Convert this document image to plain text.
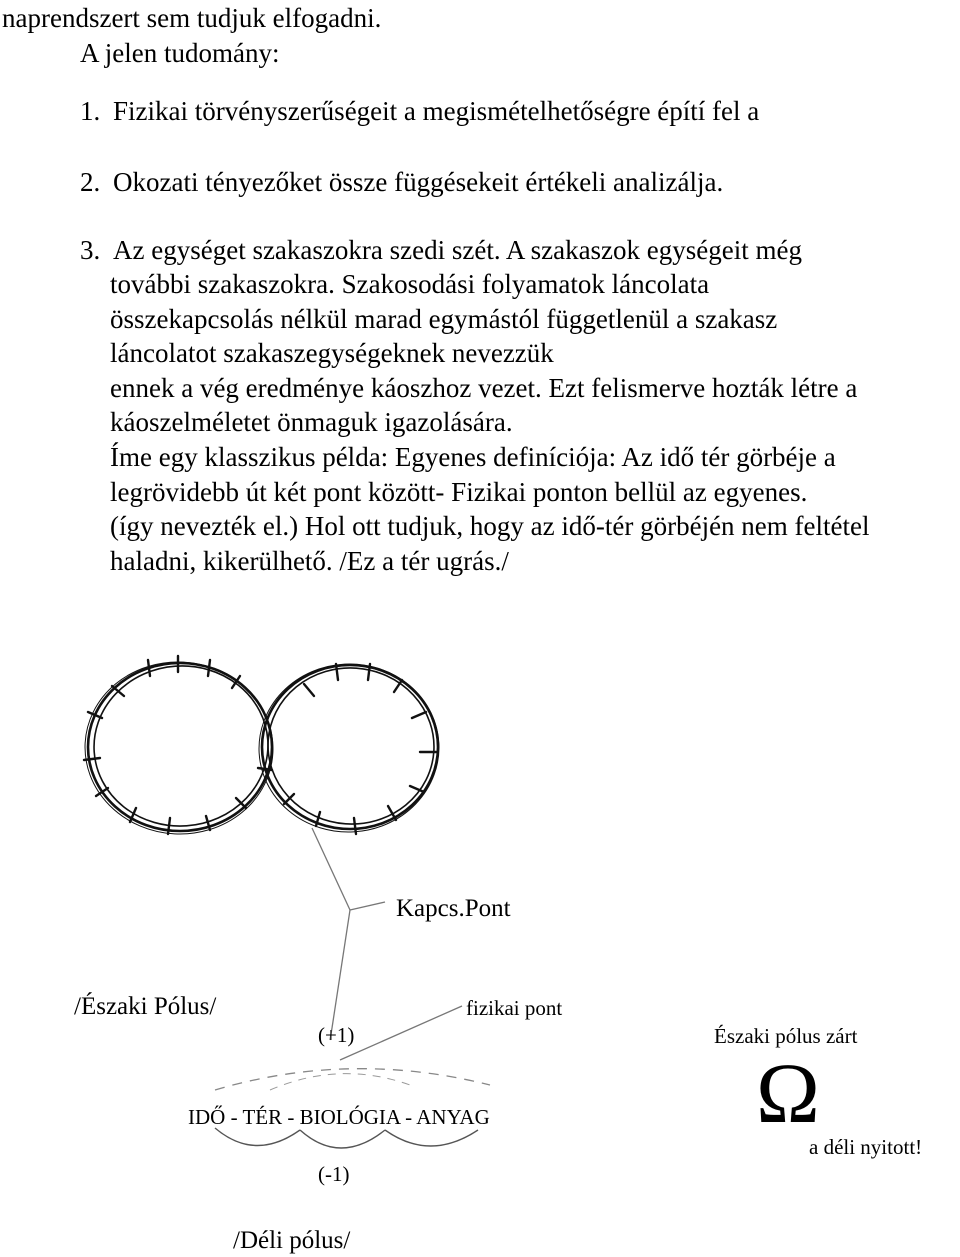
naprendszert sem tudjuk elfogadni.
A jelen tudomány:
1. Fizikai törvényszerűségeit a megismételhetőségre építí fel a
2. Okozati tényezőket össze függésekeit értékeli analizálja.
3. Az egységet szakaszokra szedi szét. A szakaszok egységeit még
további szakaszokra. Szakosodási folyamatok láncolata
összekapcsolás nélkül marad egymástól függetlenül a szakasz
láncolatot szakaszegységeknek nevezzük
ennek a vég eredménye káoszhoz vezet. Ezt felismerve hozták létre a
káoszelméletet önmaguk igazolására.
Íme egy klasszikus példa: Egyenes definíciója: Az idő tér görbéje a
legrövidebb út két pont között- Fizikai ponton bellül az egyenes.
(így nevezték el.) Hol ott tudjuk, hogy az idő-tér görbéjén nem feltétel
haladni, kikerülhető. /Ez a tér ugrás./
Kapcs.Pont
/Északi Pólus/	fizikai pont
(+1)	Északi pólus zárt
IDŐ - TÉR - BIOLÓGIA - ANYAG	Ω
a déli nyitott!
(-1)
/Déli pólus/
